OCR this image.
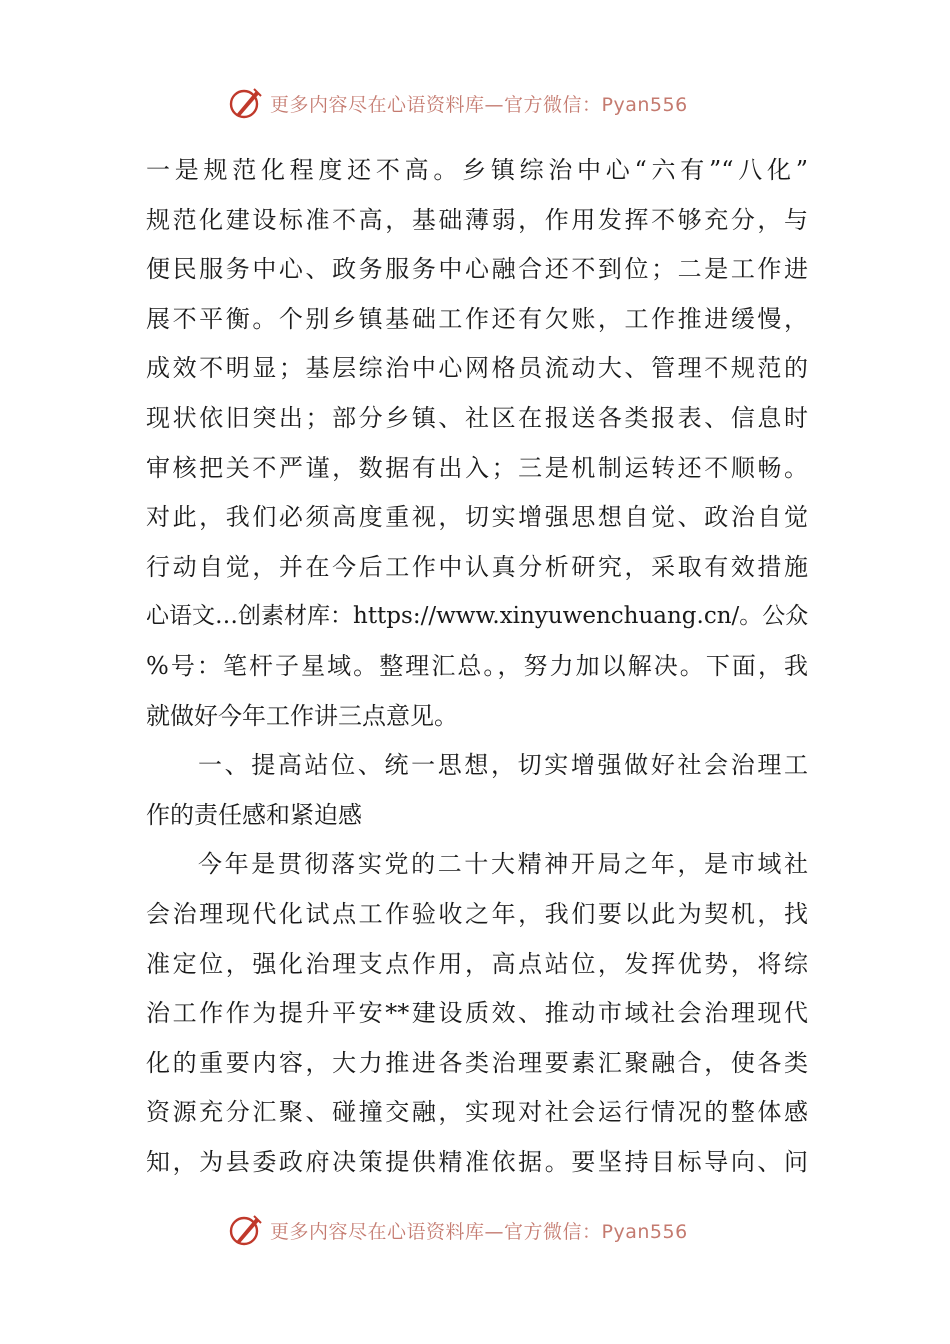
更多内容尽在心语资料库—官方微信：Pyan556
一是规范化程度还不高。乡镇综治中心“六有”“八化”
规范化建设标准不高，基础薄弱，作用发挥不够充分，与
便民服务中心、政务服务中心融合还不到位；二是工作进
展不平衡。个别乡镇基础工作还有欠账，工作推进缓慢，
成效不明显；基层综治中心网格员流动大、管理不规范的
现状依旧突出；部分乡镇、社区在报送各类报表、信息时
审核把关不严谨，数据有出入；三是机制运转还不顺畅。
对此，我们必须高度重视，切实增强思想自觉、政治自觉
行动自觉，并在今后工作中认真分析研究，采取有效措施
心语文…创素材库：https://www.xinyuwenchuang.cn/。公众
%号：笔杆子星域。整理汇总。，努力加以解决。下面，我
就做好今年工作讲三点意见。
一、提高站位、统一思想，切实增强做好社会治理工
作的责任感和紧迫感
今年是贯彻落实党的二十大精神开局之年，是市域社
会治理现代化试点工作验收之年，我们要以此为契机，找
准定位，强化治理支点作用，高点站位，发挥优势，将综
治工作作为提升平安**建设质效、推动市域社会治理现代
化的重要内容，大力推进各类治理要素汇聚融合，使各类
资源充分汇聚、碰撞交融，实现对社会运行情况的整体感
知，为县委政府决策提供精准依据。要坚持目标导向、问
更多内容尽在心语资料库—官方微信：Pyan556
